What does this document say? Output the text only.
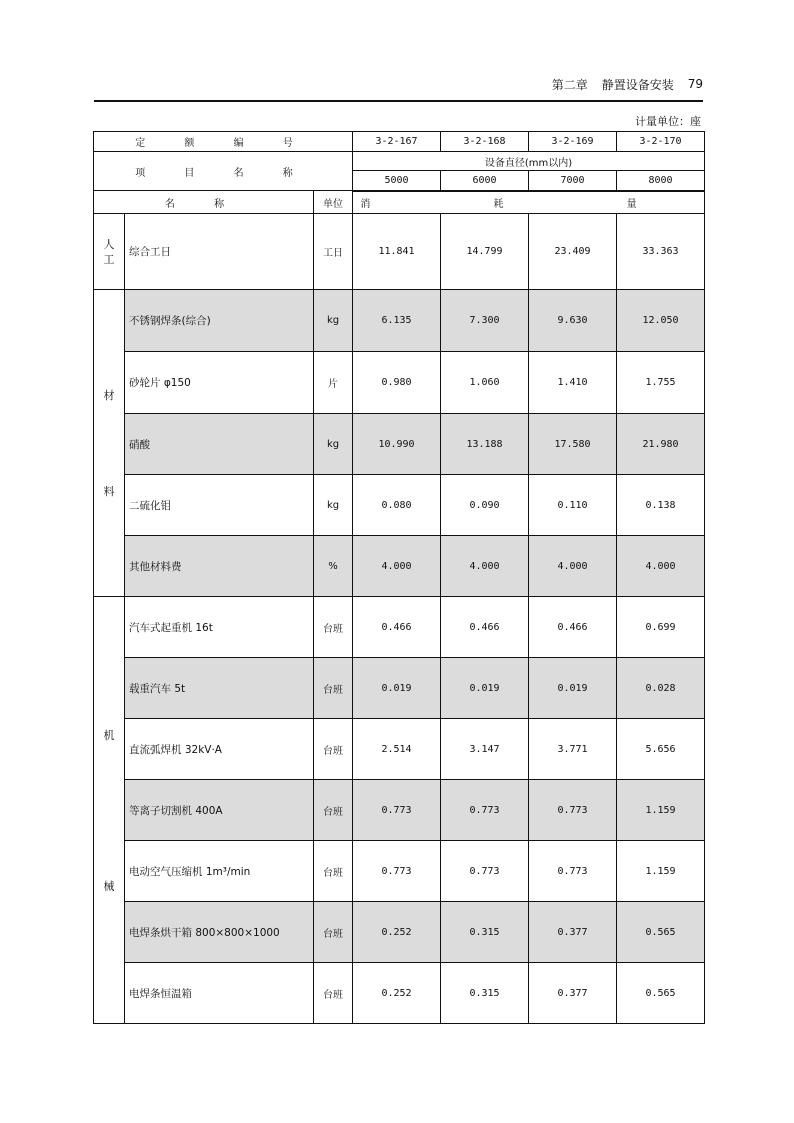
第二章 静置设备安装 79
计量单位：座
定 额 编 号			3-2-167	3-2-168	3-2-169	3-2-170
项 目 名 称			设备直径(mm以内)			
			5000	6000	7000	8000
名 称		单位	消 耗 量			

人
工	综合工日	工日	11.841	14.799	23.409	33.363

材
料	不锈钢焊条(综合)	kg	6.135	7.300	9.630	12.050
	砂轮片 φ150	片	0.980	1.060	1.410	1.755
	硝酸	kg	10.990	13.188	17.580	21.980
	二硫化钼	kg	0.080	0.090	0.110	0.138
	其他材料费	%	4.000	4.000	4.000	4.000

机
械	汽车式起重机 16t	台班	0.466	0.466	0.466	0.699
	载重汽车 5t	台班	0.019	0.019	0.019	0.028
	直流弧焊机 32kV·A	台班	2.514	3.147	3.771	5.656
	等离子切割机 400A	台班	0.773	0.773	0.773	1.159
	电动空气压缩机 1m³/min	台班	0.773	0.773	0.773	1.159
	电焊条烘干箱 800×800×1000	台班	0.252	0.315	0.377	0.565
	电焊条恒温箱	台班	0.252	0.315	0.377	0.565
